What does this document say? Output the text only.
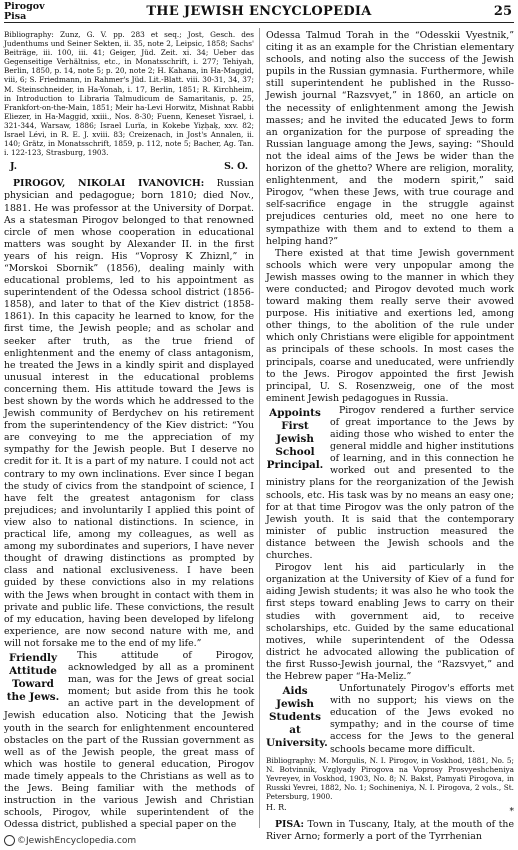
Pirogov
Pisa	THE JEWISH ENCYCLOPEDIA	25

Bibliography: Zunz, G. V. pp. 283 et seq.; Jost, Gesch. des Judenthums und Seiner Sekten, ii. 35, note 2, Leipsic, 1858; Sachs' Beiträge, iii. 100, iii. 41; Geiger, Jüd. Zeit. xi. 34; Ueber das Gegenseitige Verhältniss, etc., in Monatsschrift, i. 277; Tehiyah, Berlin, 1850, p. 14, note 5; p. 20, note 2; H. Kahana, in Ha-Maggid, viii, 6; S. Friedmann, in Rahmer's Jüd. Lit.-Blatt. viii. 30-31, 34, 37; M. Steinschneider, in Ha-Yonah, i. 17, Berlin, 1851; R. Kirchheim, in Introduction to Libraria Talmudicum de Samaritanis, p. 25, Frankfort-on-the-Main, 1851; Meir ha-Levi Horwitz, Mishnat Rabbi Eliezer, in Ha-Maggid, xxiii., Nos. 8-30; Fuenn, Keneset Yisrael, i. 321-344, Warsaw, 1886; Israel Lurïa, in Kokebe Yiẓḥaḳ, xxv. 82; Israel Lévi, in R. E. J. xviii. 83; Creizenach, in Jost's Annalen, ii. 140; Grätz, in Monatsschrift, 1859, p. 112, note 5; Bacher, Ag. Tan. i. 122-123, Strasburg, 1903.

J.	S. O.

PIROGOV, NIKOLAI IVANOVICH: Russian physician and pedagogue; born 1810; died Nov., 1881. He was professor at the University of Dorpat. As a statesman Pirogov belonged to that renowned circle of men whose cooperation in educational matters was sought by Alexander II. in the first years of his reign. His “Voprosy K Zhiznl,” in “Morskoi Sbornik” (1856), dealing mainly with educational problems, led to his appointment as superintendent of the Odessa school district (1856-1858), and later to that of the Kiev district (1858-1861). In this capacity he learned to know, for the first time, the Jewish people; and as scholar and seeker after truth, as the true friend of enlightenment and the enemy of class antagonism, he treated the Jews in a kindly spirit and displayed unusual interest in the educational problems concerning them. His attitude toward the Jews is best shown by the words which he addressed to the Jewish community of Berdychev on his retirement from the superintendency of the Kiev district: “You are conveying to me the appreciation of my sympathy for the Jewish people. But I deserve no credit for it. It is a part of my nature. I could not act contrary to my own inclinations. Ever since I began the study of civics from the standpoint of science, I have felt the greatest antagonism for class prejudices; and involuntarily I applied this point of view also to national distinctions. In science, in practical life, among my colleagues, as well as among my subordinates and superiors, I have never thought of drawing distinctions as prompted by class and national exclusiveness. I have been guided by these convictions also in my relations with the Jews when brought in contact with them in private and public life. These convictions, the result of my education, having been developed by lifelong experience, are now second nature with me, and will not forsake me to the end of my life.”

Friendly Attitude Toward the Jews.

This attitude of Pirogov, acknowledged by all as a prominent man, was for the Jews of great social moment; but aside from this he took an active part in the development of Jewish education also. Noticing that the Jewish youth in the search for enlightenment encountered obstacles on the part of the Russian government as well as of the Jewish people, the great mass of which was hostile to general education, Pirogov made timely appeals to the Christians as well as to the Jews. Being familiar with the methods of instruction in the various Jewish and Christian schools, Pirogov, while superintendent of the Odessa district, published a special paper on the

Odessa Talmud Torah in the “Odesskii Vyestnik,” citing it as an example for the Christian elementary schools, and noting also the success of the Jewish pupils in the Russian gymnasia. Furthermore, while still superintendent he published in the Russo-Jewish journal “Razsvyet,” in 1860, an article on the necessity of enlightenment among the Jewish masses; and he invited the educated Jews to form an organization for the purpose of spreading the Russian language among the Jews, saying: “Should not the ideal aims of the Jews be wider than the horizon of the ghetto? Where are religion, morality, enlightenment, and the modern spirit,” said Pirogov, “when these Jews, with true courage and self-sacrifice engage in the struggle against prejudices centuries old, meet no one here to sympathize with them and to extend to them a helping hand?”

There existed at that time Jewish government schools which were very unpopular among the Jewish masses owing to the manner in which they were conducted; and Pirogov devoted much work toward making them really serve their avowed purpose. His initiative and exertions led, among other things, to the abolition of the rule under which only Christians were eligible for appointment as principals of these schools. In most cases the principals, coarse and uneducated, were unfriendly to the Jews. Pirogov appointed the first Jewish principal, U. S. Rosenzweig, one of the most eminent Jewish pedagogues in Russia.

Appoints First Jewish School Principal.

Pirogov rendered a further service of great importance to the Jews by aiding those who wished to enter the general middle and higher institutions of learning, and in this connection he worked out and presented to the ministry plans for the reorganization of the Jewish schools, etc. His task was by no means an easy one; for at that time Pirogov was the only patron of the Jewish youth. It is said that the contemporary minister of public instruction measured the distance between the Jewish schools and the churches.

Pirogov lent his aid particularly in the organization at the University of Kiev of a fund for aiding Jewish students; it was also he who took the first steps toward enabling Jews to carry on their studies with government aid, to receive scholarships, etc. Guided by the same educational motives, while superintendent of the Odessa district he advocated allowing the publication of the first Russo-Jewish journal, the “Razsvyet,” and the Hebrew paper “Ha-Meliẓ.”

Aids Jewish Students at University.

Unfortunately Pirogov's efforts met with no support; his views on the education of the Jews evoked no sympathy; and in the course of time access for the Jews to the general schools became more difficult.

Bibliography: M. Morgulis, N. I. Pirogov, in Voskhod, 1881, No. 5; N. Botvinnik, Vzglyady Pirogova na Voprosy Prosvyeshcheniya Yevreyev, in Voskhod, 1903, No. 8; N. Bakst, Pamyati Pirogova, in Russki Yevrei, 1882, No. 1; Sochineniya, N. I. Pirogova, 2 vols., St. Petersburg, 1900.

H. R.	*

PISA: Town in Tuscany, Italy, at the mouth of the River Arno; formerly a port of the Tyrrhenian

©JewishEncyclopedia.com
